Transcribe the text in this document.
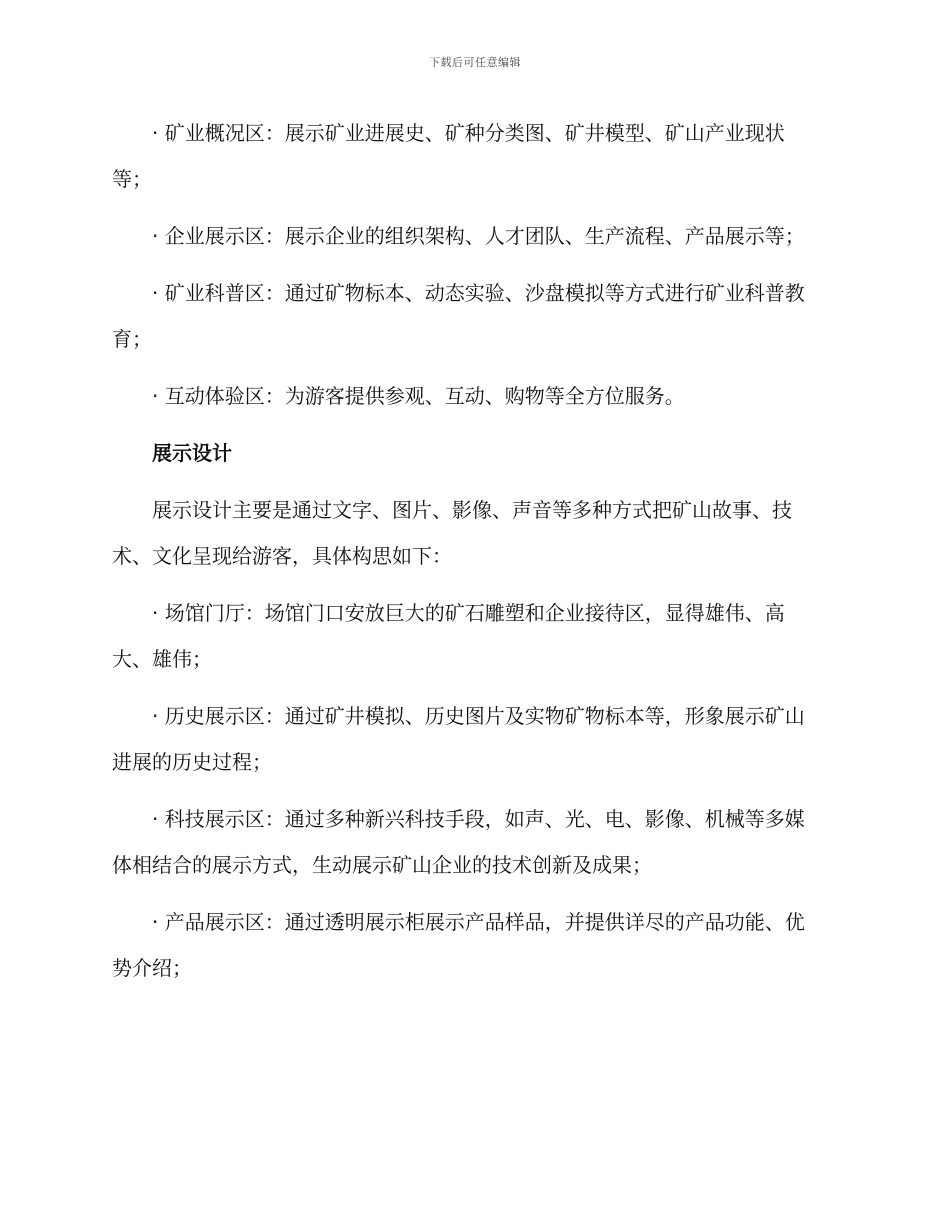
下载后可任意编辑

· 矿业概况区：展示矿业进展史、矿种分类图、矿井模型、矿山产业现状等；

· 企业展示区：展示企业的组织架构、人才团队、生产流程、产品展示等；

· 矿业科普区：通过矿物标本、动态实验、沙盘模拟等方式进行矿业科普教育；

· 互动体验区：为游客提供参观、互动、购物等全方位服务。

展示设计

展示设计主要是通过文字、图片、影像、声音等多种方式把矿山故事、技术、文化呈现给游客，具体构思如下：

· 场馆门厅：场馆门口安放巨大的矿石雕塑和企业接待区，显得雄伟、高大、雄伟；

· 历史展示区：通过矿井模拟、历史图片及实物矿物标本等，形象展示矿山进展的历史过程；

· 科技展示区：通过多种新兴科技手段，如声、光、电、影像、机械等多媒体相结合的展示方式，生动展示矿山企业的技术创新及成果；

· 产品展示区：通过透明展示柜展示产品样品，并提供详尽的产品功能、优势介绍；
